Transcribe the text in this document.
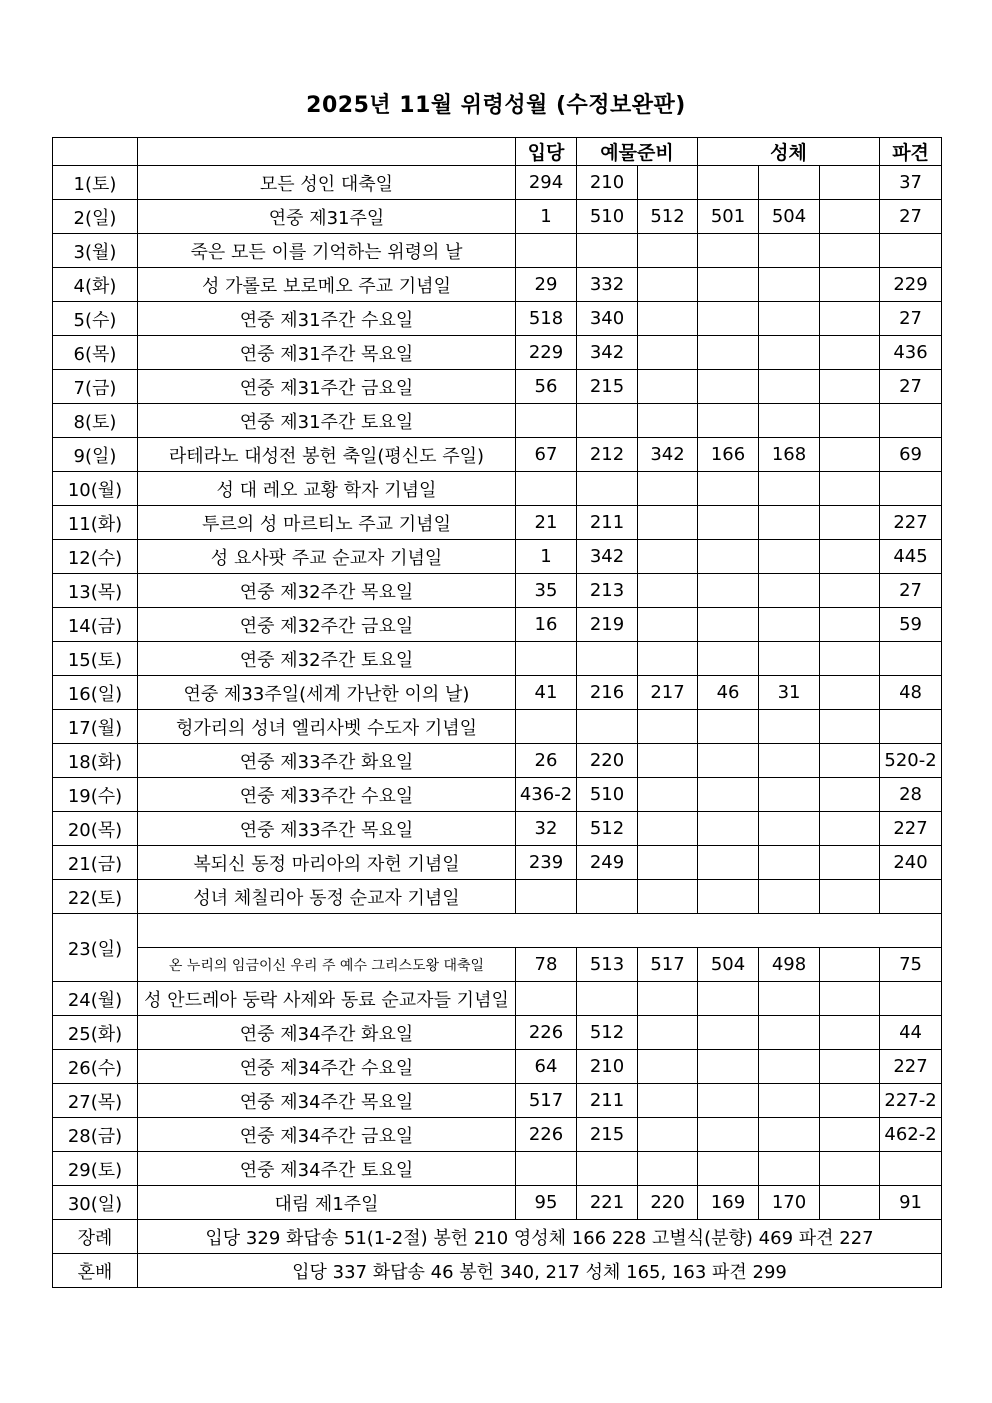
2025년 11월 위령성월 (수정보완판)
		입당	예물준비		성체			파견
1(토)	모든 성인 대축일	294	210					37
2(일)	연중 제31주일	1	510	512	501	504		27
3(월)	죽은 모든 이를 기억하는 위령의 날							
4(화)	성 가롤로 보로메오 주교 기념일	29	332					229
5(수)	연중 제31주간 수요일	518	340					27
6(목)	연중 제31주간 목요일	229	342					436
7(금)	연중 제31주간 금요일	56	215					27
8(토)	연중 제31주간 토요일							
9(일)	라테라노 대성전 봉헌 축일(평신도 주일)	67	212	342	166	168		69
10(월)	성 대 레오 교황 학자 기념일							
11(화)	투르의 성 마르티노 주교 기념일	21	211					227
12(수)	성 요사팟 주교 순교자 기념일	1	342					445
13(목)	연중 제32주간 목요일	35	213					27
14(금)	연중 제32주간 금요일	16	219					59
15(토)	연중 제32주간 토요일							
16(일)	연중 제33주일(세계 가난한 이의 날)	41	216	217	46	31		48
17(월)	헝가리의 성녀 엘리사벳 수도자 기념일							
18(화)	연중 제33주간 화요일	26	220					520-2
19(수)	연중 제33주간 수요일	436-2	510					28
20(목)	연중 제33주간 목요일	32	512					227
21(금)	복되신 동정 마리아의 자헌 기념일	239	249					240
22(토)	성녀 체칠리아 동정 순교자 기념일							
23(일)								
	온 누리의 임금이신 우리 주 예수 그리스도왕 대축일	78	513	517	504	498		75
24(월)	성 안드레아 둥락 사제와 동료 순교자들 기념일							
25(화)	연중 제34주간 화요일	226	512					44
26(수)	연중 제34주간 수요일	64	210					227
27(목)	연중 제34주간 목요일	517	211					227-2
28(금)	연중 제34주간 금요일	226	215					462-2
29(토)	연중 제34주간 토요일							
30(일)	대림 제1주일	95	221	220	169	170		91
장례	입당 329 화답송 51(1-2절) 봉헌 210 영성체 166 228 고별식(분향) 469 파견 227							
혼배	입당 337 화답송 46 봉헌 340, 217 성체 165, 163 파견 299							
